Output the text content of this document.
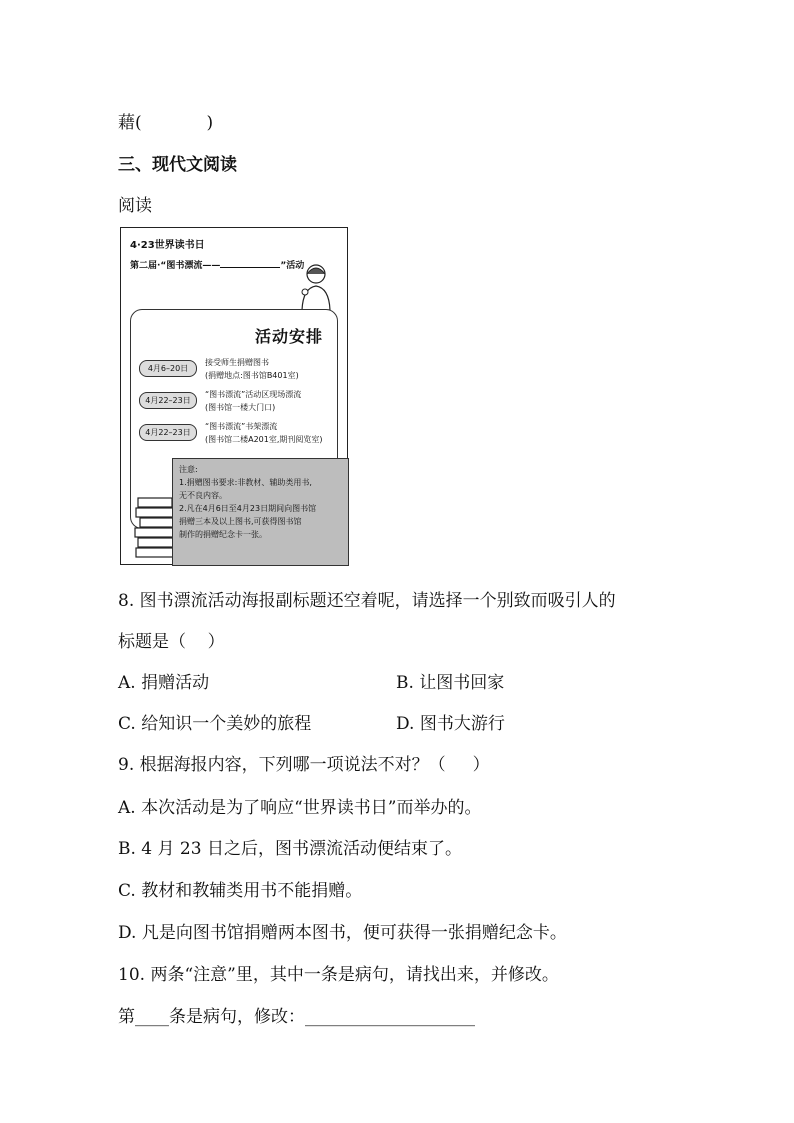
藉(            )
三、现代文阅读
阅读
4·23世界读书日
第二届·“图书漂流——	”活动
活动安排
4月6–20日
接受师生捐赠图书
(捐赠地点:图书馆B401室)
4月22–23日
“图书漂流”活动区现场漂流
(图书馆一楼大门口)
4月22–23日
“图书漂流”书架漂流
(图书馆二楼A201室,期刊阅览室)
注意:
1.捐赠图书要求:非教材、辅助类用书,
无不良内容。
2.凡在4月6日至4月23日期间向图书馆
捐赠三本及以上图书,可获得图书馆
制作的捐赠纪念卡一张。
8. 图书漂流活动海报副标题还空着呢，请选择一个别致而吸引人的
标题是（    ）
A. 捐赠活动	B. 让图书回家
C. 给知识一个美妙的旅程	D. 图书大游行
9. 根据海报内容，下列哪一项说法不对？（     ）
A. 本次活动是为了响应“世界读书日”而举办的。
B. 4 月 23 日之后，图书漂流活动便结束了。
C. 教材和教辅类用书不能捐赠。
D. 凡是向图书馆捐赠两本图书，便可获得一张捐赠纪念卡。
10. 两条“注意”里，其中一条是病句，请找出来，并修改。
第____条是病句，修改：____________________
